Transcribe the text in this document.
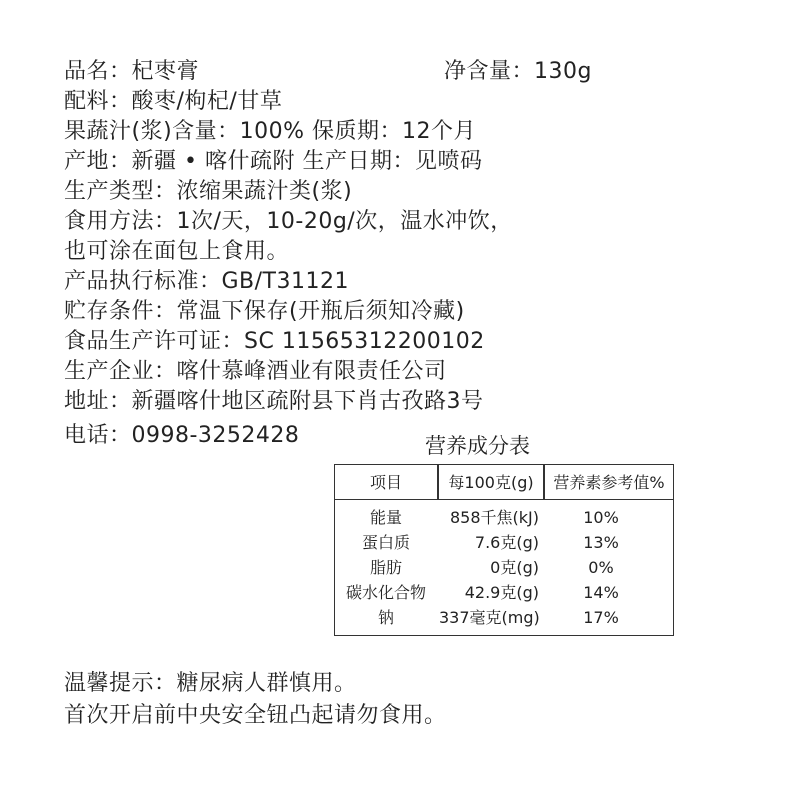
品名：杞枣膏	净含量：130g
配料：酸枣/枸杞/甘草
果蔬汁(浆)含量：100% 保质期：12个月
产地：新疆 • 喀什疏附 生产日期：见喷码
生产类型：浓缩果蔬汁类(浆)
食用方法：1次/天，10-20g/次，温水冲饮，
也可涂在面包上食用。
产品执行标准：GB/T31121
贮存条件：常温下保存(开瓶后须知冷藏)
食品生产许可证：SC 11565312200102
生产企业：喀什慕峰酒业有限责任公司
地址：新疆喀什地区疏附县下肖古孜路3号
电话：0998-3252428	营养成分表
项目	每100克(g)	营养素参考值%
能量	858千焦(kJ)	10%
蛋白质	7.6克(g)	13%
脂肪	0克(g)	0%
碳水化合物	42.9克(g)	14%
钠	337毫克(mg)	17%
温馨提示：糖尿病人群慎用。
首次开启前中央安全钮凸起请勿食用。
